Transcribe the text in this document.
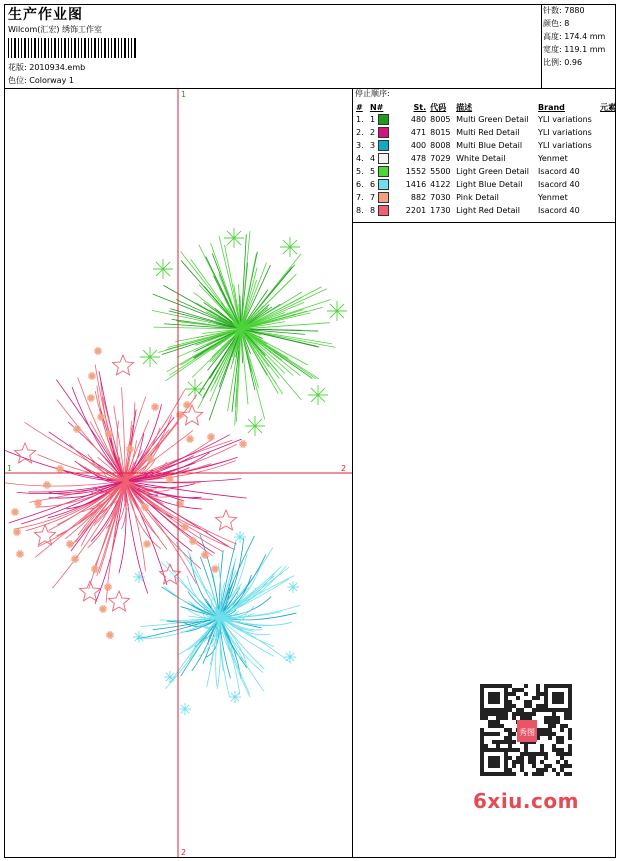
生产作业图
Wilcom(汇宏) 绣饰工作室
花版: 2010934.emb
色位: Colorway 1
针数: 7880
颜色: 8
高度: 174.4 mm
宽度: 119.1 mm
比例: 0.96
1
2
1	2
停止顺序:
#	N#	St.	代码	描述	Brand	元素
1.	1	480	8005	Multi Green Detail	YLI variations	
2.	2	471	8015	Multi Red Detail	YLI variations	
3.	3	400	8008	Multi Blue Detail	YLI variations	
4.	4	478	7029	White Detail	Yenmet	
5.	5	1552	5500	Light Green Detail	Isacord 40	
6.	6	1416	4122	Light Blue Detail	Isacord 40	
7.	7	882	7030	Pink Detail	Yenmet	
8.	8	2201	1730	Light Red Detail	Isacord 40	
秀图
6xiu.com
